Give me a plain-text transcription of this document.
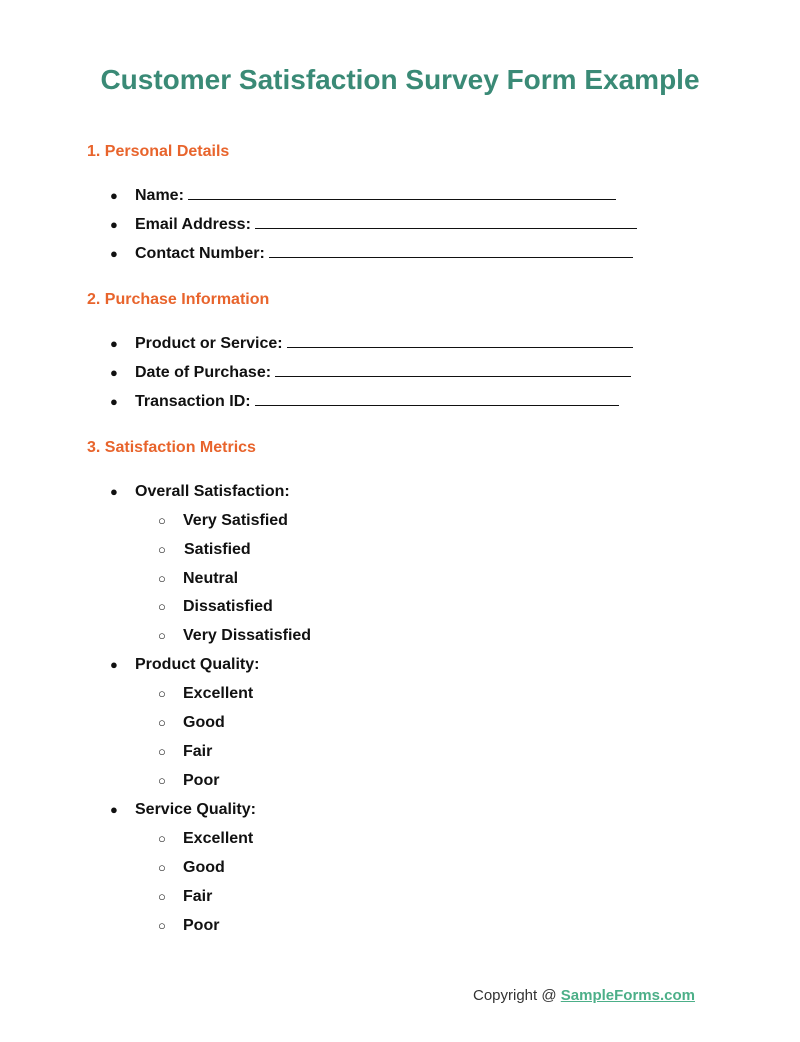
Customer Satisfaction Survey Form Example
1. Personal Details
● Name:
● Email Address:
● Contact Number:
2. Purchase Information
● Product or Service:
● Date of Purchase:
● Transaction ID:
3. Satisfaction Metrics
● Overall Satisfaction:
○ Very Satisfied
○ Satisfied
○ Neutral
○ Dissatisfied
○ Very Dissatisfied
● Product Quality:
○ Excellent
○ Good
○ Fair
○ Poor
● Service Quality:
○ Excellent
○ Good
○ Fair
○ Poor
Copyright @ SampleForms.com
